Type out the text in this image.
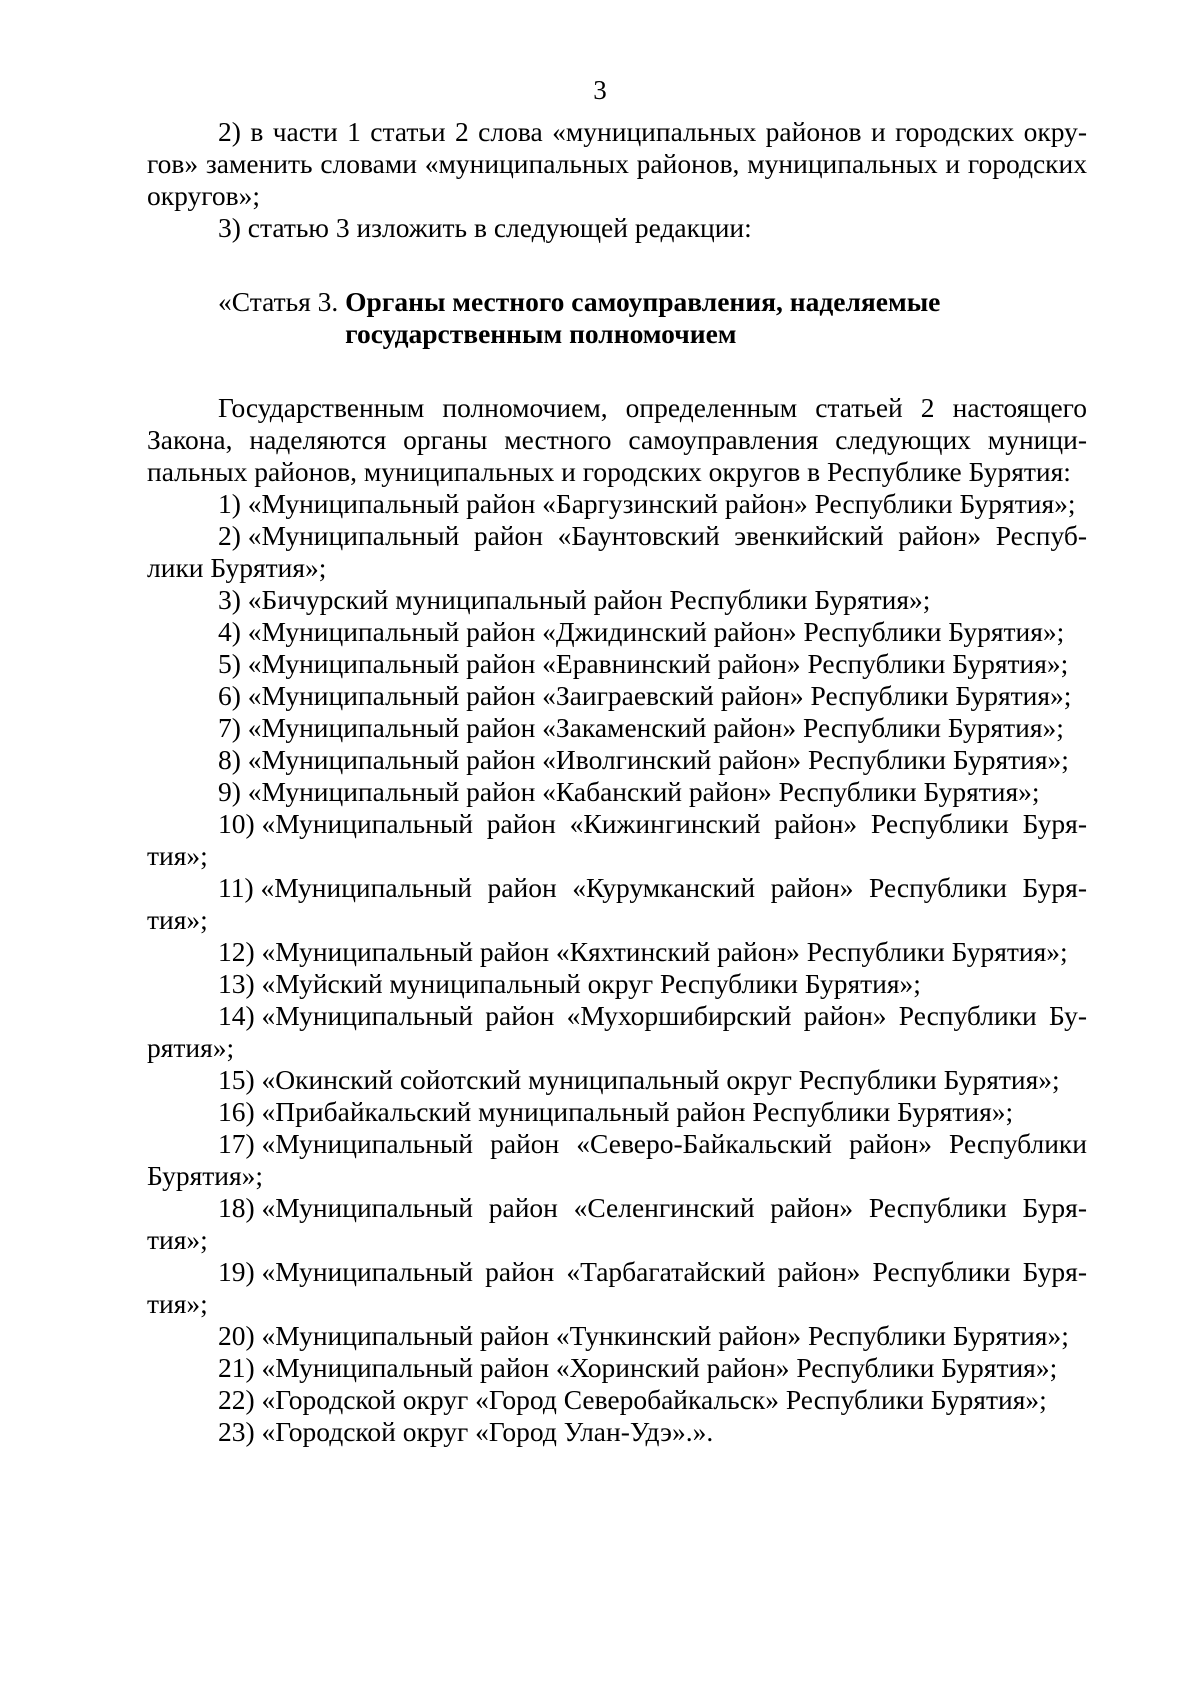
3

2) в части 1 статьи 2 слова «муниципальных районов и городских округов» заменить словами «муниципальных районов, муниципальных и городских округов»;

3) статью 3 изложить в следующей редакции:

«Статья 3. Органы местного самоуправления, наделяемые государственным полномочием

Государственным полномочием, определенным статьей 2 настоящего Закона, наделяются органы местного самоуправления следующих муниципальных районов, муниципальных и городских округов в Республике Бурятия:

1) «Муниципальный район «Баргузинский район» Республики Бурятия»;

2) «Муниципальный район «Баунтовский эвенкийский район» Республики Бурятия»;

3) «Бичурский муниципальный район Республики Бурятия»;

4) «Муниципальный район «Джидинский район» Республики Бурятия»;

5) «Муниципальный район «Еравнинский район» Республики Бурятия»;

6) «Муниципальный район «Заиграевский район» Республики Бурятия»;

7) «Муниципальный район «Закаменский район» Республики Бурятия»;

8) «Муниципальный район «Иволгинский район» Республики Бурятия»;

9) «Муниципальный район «Кабанский район» Республики Бурятия»;

10) «Муниципальный район «Кижингинский район» Республики Бурятия»;

11) «Муниципальный район «Курумканский район» Республики Бурятия»;

12) «Муниципальный район «Кяхтинский район» Республики Бурятия»;

13) «Муйский муниципальный округ Республики Бурятия»;

14) «Муниципальный район «Мухоршибирский район» Республики Бурятия»;

15) «Окинский сойотский муниципальный округ Республики Бурятия»;

16) «Прибайкальский муниципальный район Республики Бурятия»;

17) «Муниципальный район «Северо-Байкальский район» Республики Бурятия»;

18) «Муниципальный район «Селенгинский район» Республики Бурятия»;

19) «Муниципальный район «Тарбагатайский район» Республики Бурятия»;

20) «Муниципальный район «Тункинский район» Республики Бурятия»;

21) «Муниципальный район «Хоринский район» Республики Бурятия»;

22) «Городской округ «Город Северобайкальск» Республики Бурятия»;

23) «Городской округ «Город Улан-Удэ».».
